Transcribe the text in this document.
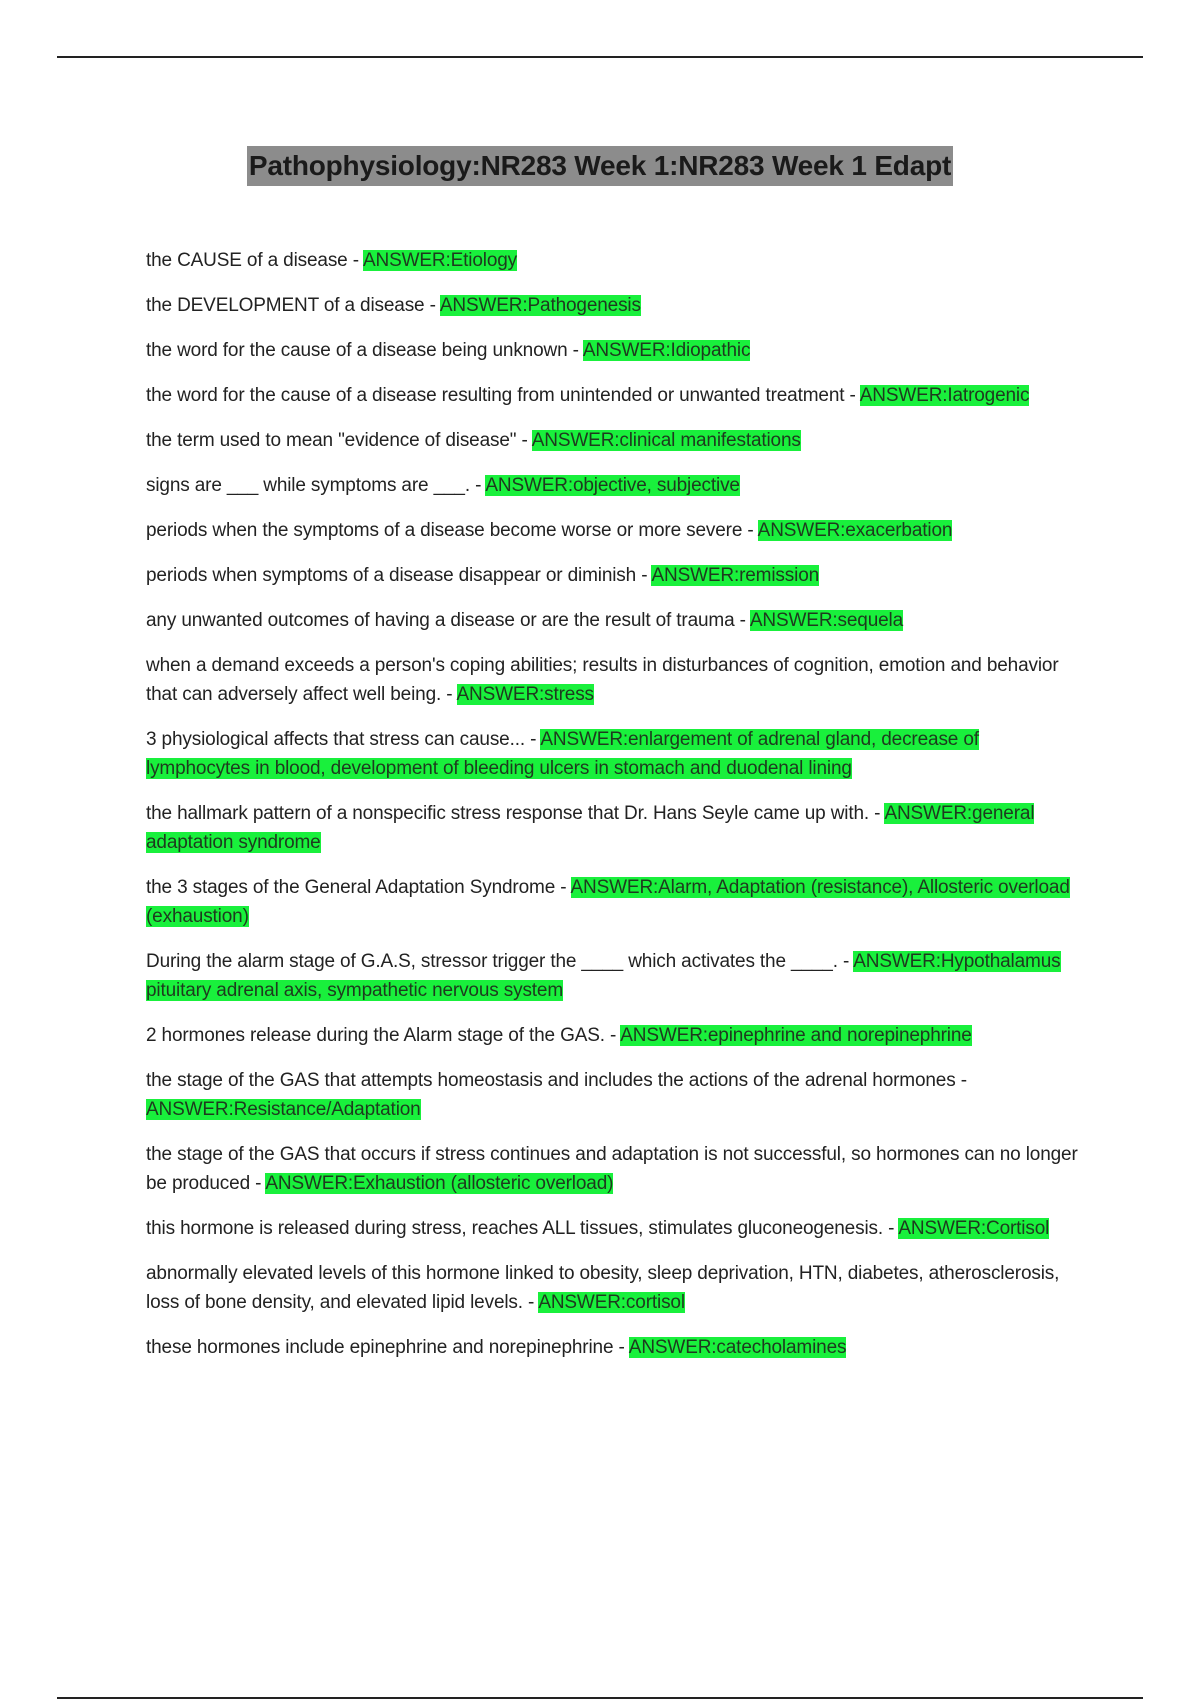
Pathophysiology:NR283 Week 1:NR283 Week 1 Edapt

the CAUSE of a disease - ANSWER:Etiology

the DEVELOPMENT of a disease - ANSWER:Pathogenesis

the word for the cause of a disease being unknown - ANSWER:Idiopathic

the word for the cause of a disease resulting from unintended or unwanted treatment - ANSWER:Iatrogenic

the term used to mean "evidence of disease" - ANSWER:clinical manifestations

signs are ___ while symptoms are ___. - ANSWER:objective, subjective

periods when the symptoms of a disease become worse or more severe - ANSWER:exacerbation

periods when symptoms of a disease disappear or diminish - ANSWER:remission

any unwanted outcomes of having a disease or are the result of trauma - ANSWER:sequela

when a demand exceeds a person's coping abilities; results in disturbances of cognition, emotion and behavior that can adversely affect well being. - ANSWER:stress

3 physiological affects that stress can cause... - ANSWER:enlargement of adrenal gland, decrease of lymphocytes in blood, development of bleeding ulcers in stomach and duodenal lining

the hallmark pattern of a nonspecific stress response that Dr. Hans Seyle came up with. - ANSWER:general adaptation syndrome

the 3 stages of the General Adaptation Syndrome - ANSWER:Alarm, Adaptation (resistance), Allosteric overload (exhaustion)

During the alarm stage of G.A.S, stressor trigger the ____ which activates the ____. - ANSWER:Hypothalamus pituitary adrenal axis, sympathetic nervous system

2 hormones release during the Alarm stage of the GAS. - ANSWER:epinephrine and norepinephrine

the stage of the GAS that attempts homeostasis and includes the actions of the adrenal hormones - ANSWER:Resistance/Adaptation

the stage of the GAS that occurs if stress continues and adaptation is not successful, so hormones can no longer be produced - ANSWER:Exhaustion (allosteric overload)

this hormone is released during stress, reaches ALL tissues, stimulates gluconeogenesis. - ANSWER:Cortisol

abnormally elevated levels of this hormone linked to obesity, sleep deprivation, HTN, diabetes, atherosclerosis, loss of bone density, and elevated lipid levels. - ANSWER:cortisol

these hormones include epinephrine and norepinephrine - ANSWER:catecholamines
